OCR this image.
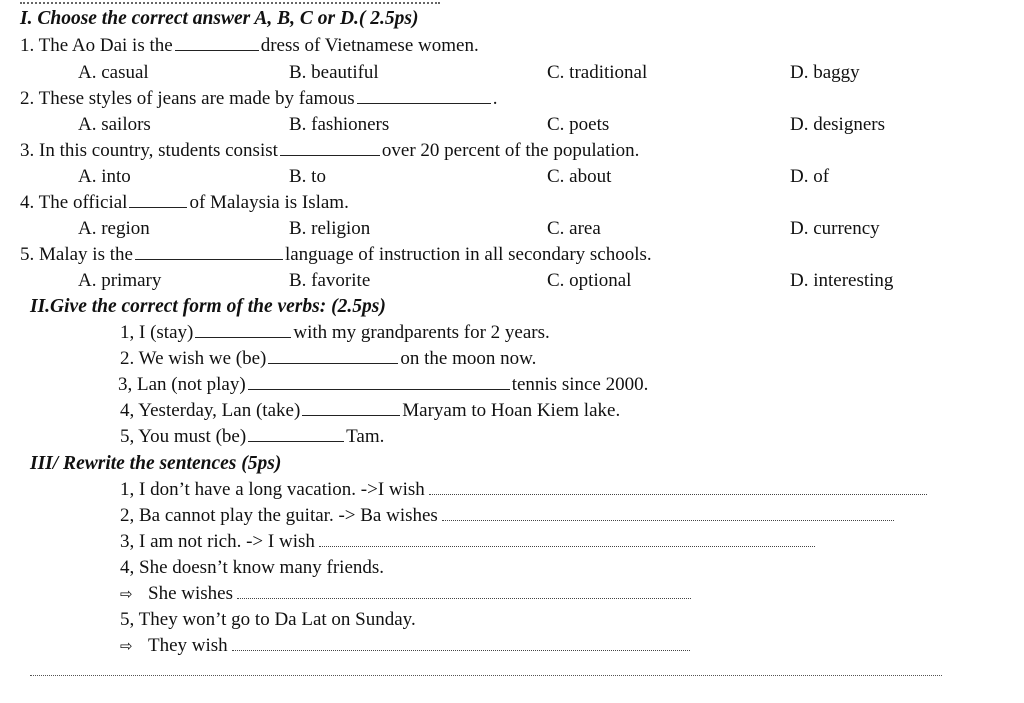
I. Choose the correct answer A, B, C or D.( 2.5ps)
1. The Ao Dai is the	dress of Vietnamese women.
A. casual	B. beautiful	C. traditional	D. baggy
2. These styles of jeans are made by famous	.
A. sailors	B. fashioners	C. poets	D. designers
3. In this country, students consist	over 20 percent of the population.
A. into	B. to	C. about	D. of
4. The official	of Malaysia is Islam.
A. region	B. religion	C. area	D. currency
5. Malay is the	language of instruction in all secondary schools.
A. primary	B. favorite	C. optional	D. interesting
II.Give the correct form of the verbs: (2.5ps)
1, I (stay)	with my grandparents for 2 years.
2. We wish we (be)	on the moon now.
3, Lan (not play)	tennis since 2000.
4, Yesterday, Lan (take)	Maryam to Hoan Kiem lake.
5, You must (be)	Tam.
III/ Rewrite the sentences (5ps)
1, I don’t have a long vacation. ->I wish
2, Ba cannot play the guitar. -> Ba wishes
3, I am not rich. -> I wish
4, She doesn’t know many friends.
⇨ She wishes
5, They won’t go to Da Lat on Sunday.
⇨ They wish
